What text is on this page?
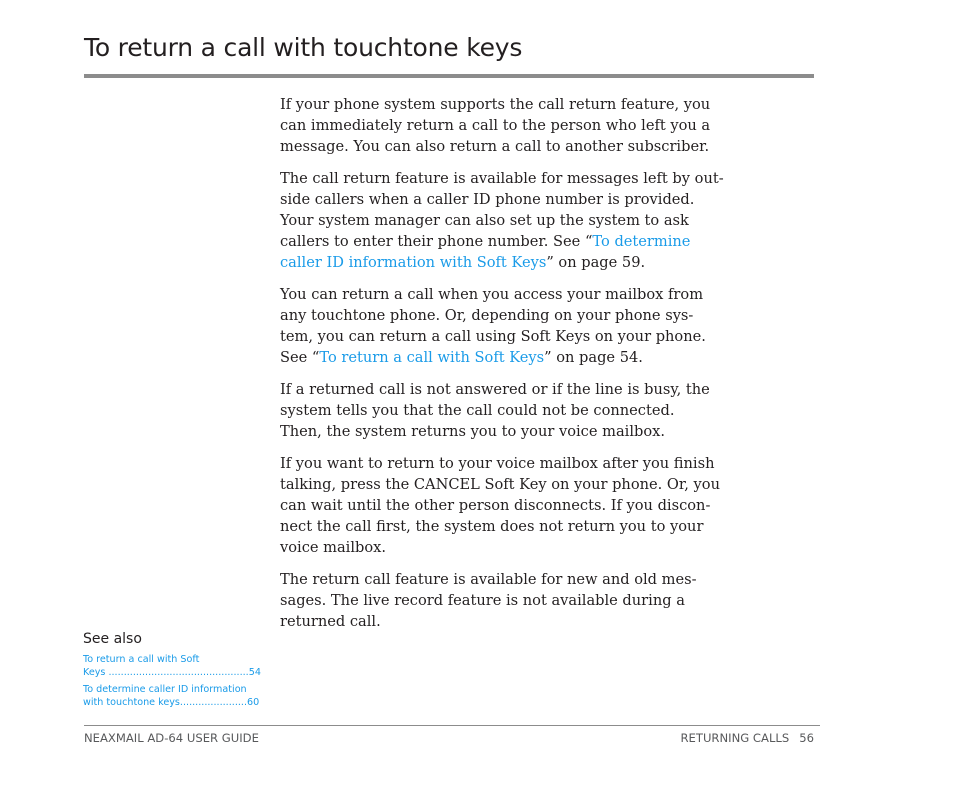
To return a call with touchtone keys

If your phone system supports the call return feature, you
can immediately return a call to the person who left you a
message. You can also return a call to another subscriber.

The call return feature is available for messages left by out-
side callers when a caller ID phone number is provided.
Your system manager can also set up the system to ask
callers to enter their phone number. See “To determine
caller ID information with Soft Keys” on page 59.

You can return a call when you access your mailbox from
any touchtone phone. Or, depending on your phone sys-
tem, you can return a call using Soft Keys on your phone.
See “To return a call with Soft Keys” on page 54.

If a returned call is not answered or if the line is busy, the
system tells you that the call could not be connected.
Then, the system returns you to your voice mailbox.

If you want to return to your voice mailbox after you finish
talking, press the CANCEL Soft Key on your phone. Or, you
can wait until the other person disconnects. If you discon-
nect the call first, the system does not return you to your
voice mailbox.

The return call feature is available for new and old mes-
sages. The live record feature is not available during a
returned call.

See also
To return a call with Soft
Keys ..............................................54
To determine caller ID information
with touchtone keys......................60
NEAXMAIL AD-64 USER GUIDE	RETURNING CALLS 56
